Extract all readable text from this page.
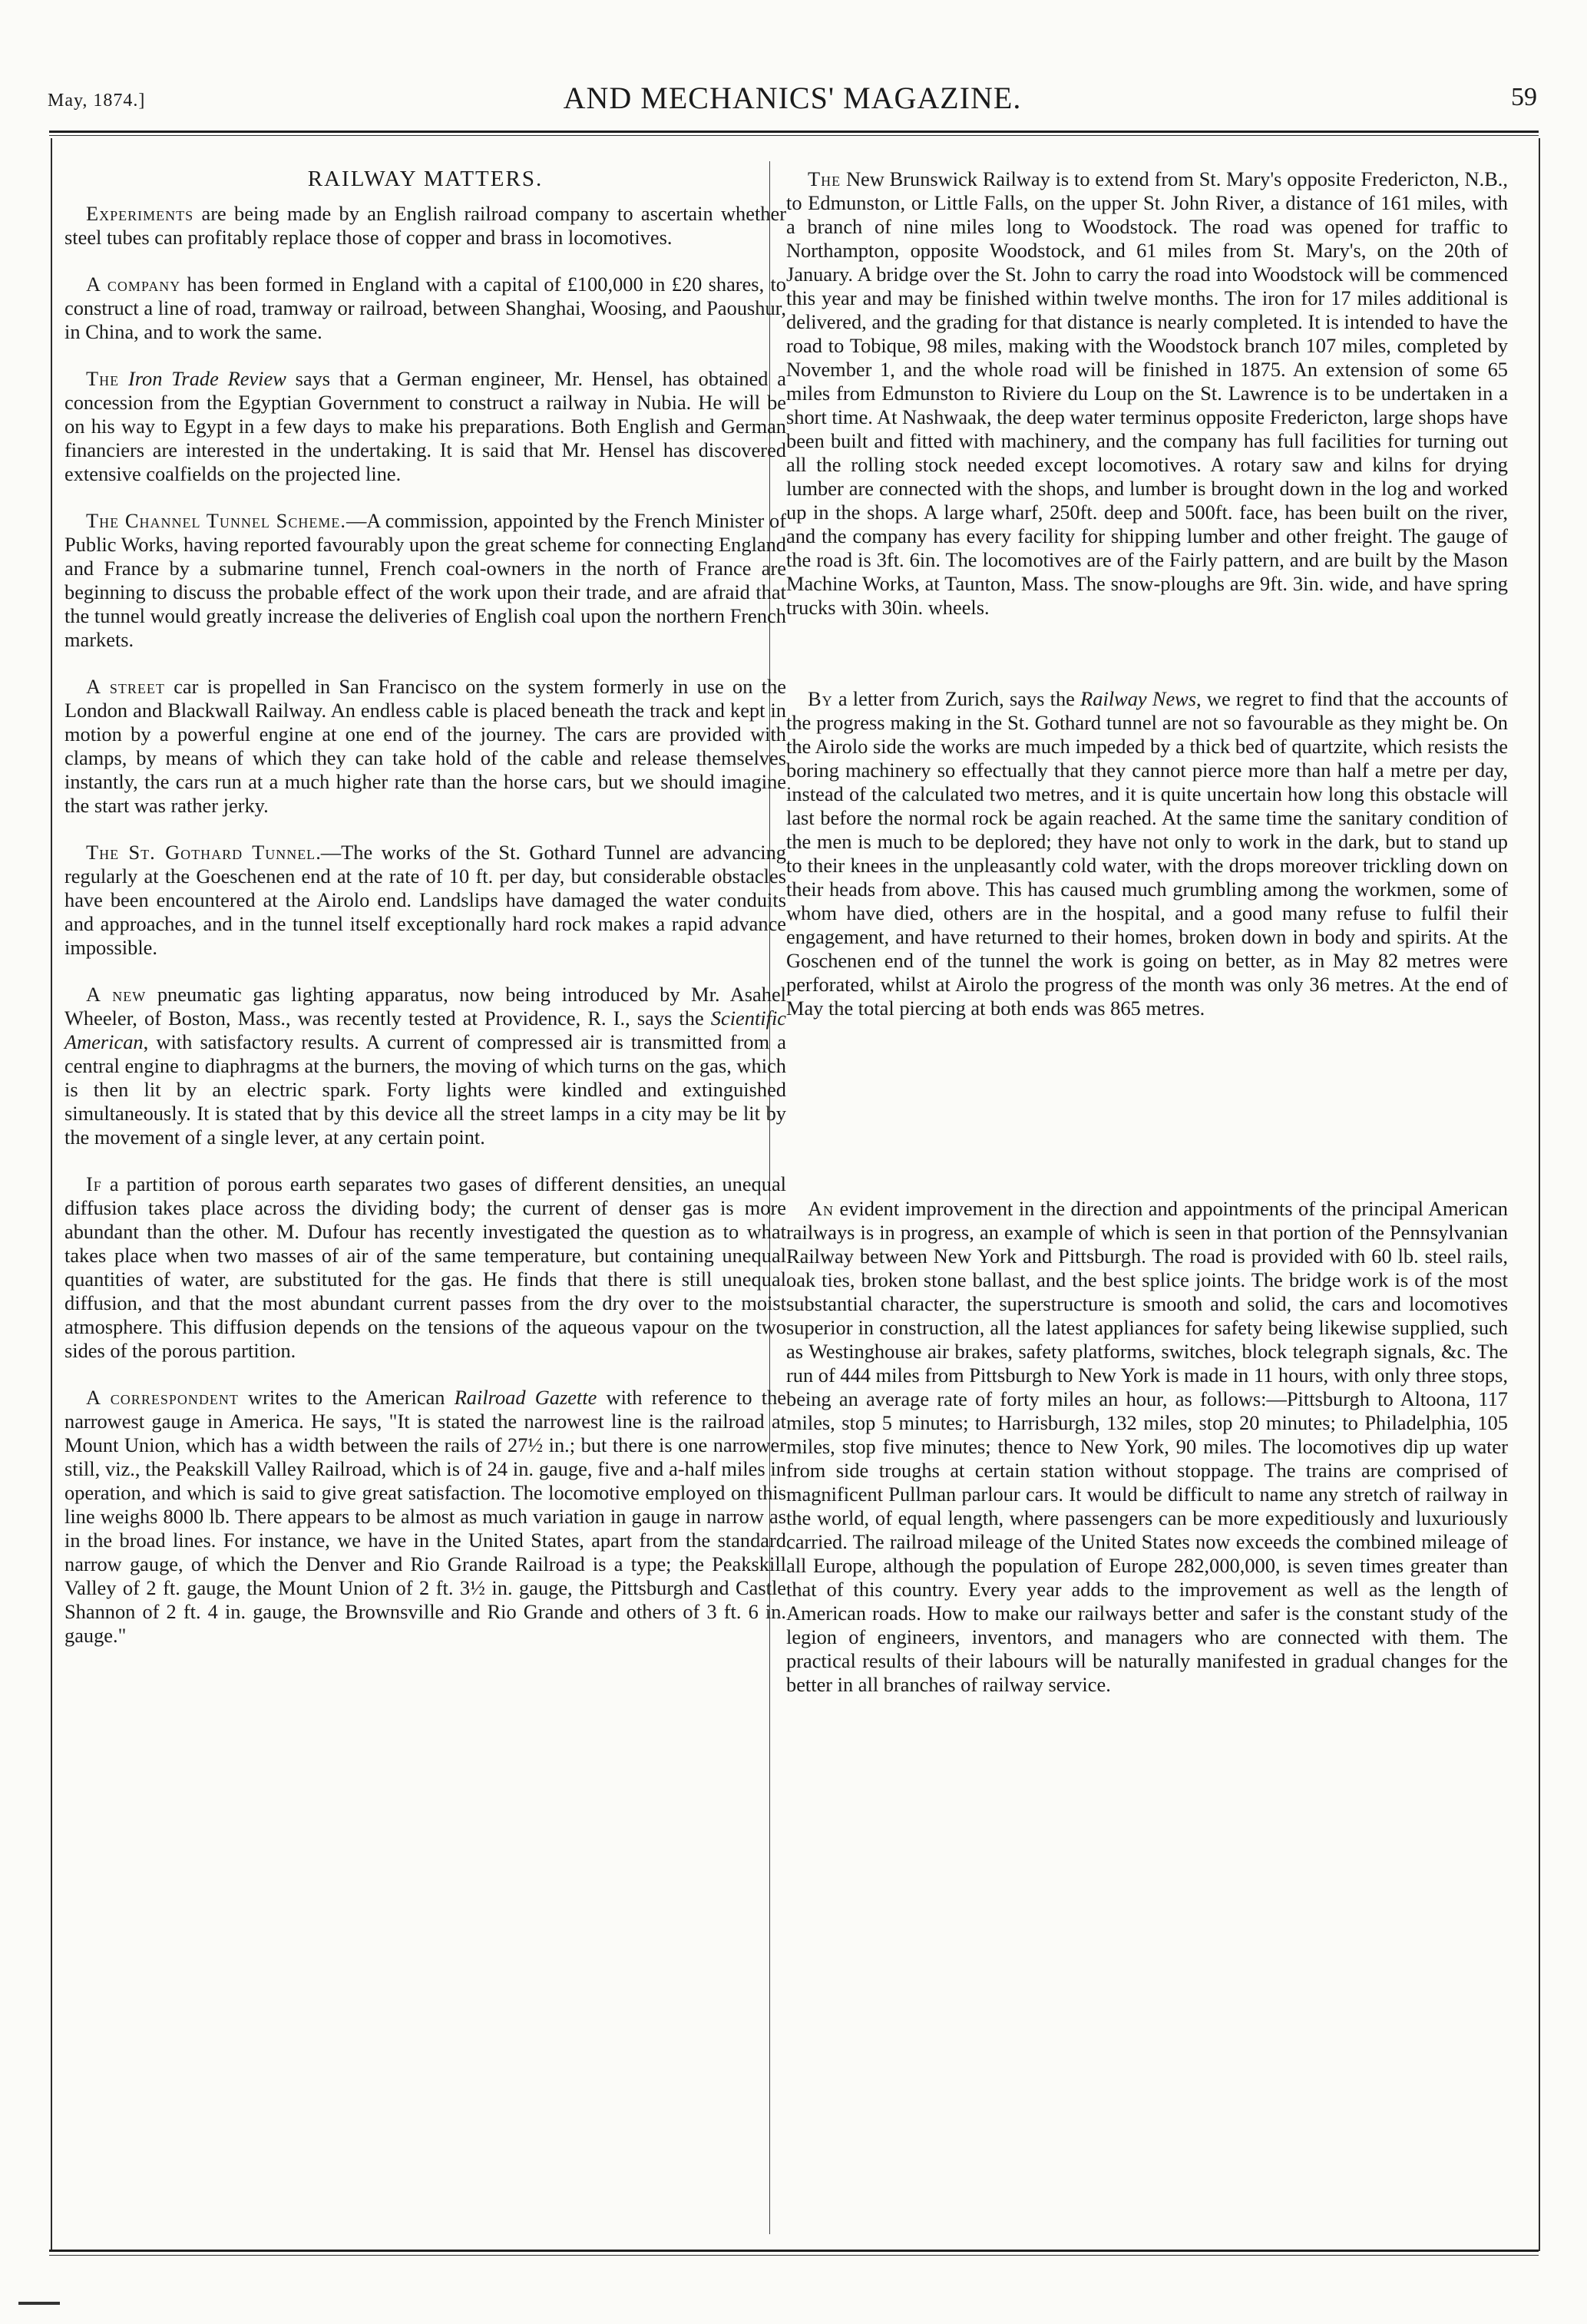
May, 1874.]	AND MECHANICS' MAGAZINE.	59
RAILWAY MATTERS.

Experiments are being made by an English railroad company to ascertain whether steel tubes can profitably replace those of copper and brass in locomotives.

A company has been formed in England with a capital of £100,000 in £20 shares, to construct a line of road, tramway or railroad, between Shanghai, Woosing, and Paoushur, in China, and to work the same.

The Iron Trade Review says that a German engineer, Mr. Hensel, has obtained a concession from the Egyptian Government to construct a railway in Nubia. He will be on his way to Egypt in a few days to make his preparations. Both English and German financiers are interested in the undertaking. It is said that Mr. Hensel has discovered extensive coalfields on the projected line.

The Channel Tunnel Scheme.—A commission, appointed by the French Minister of Public Works, having reported favourably upon the great scheme for connecting England and France by a submarine tunnel, French coal-owners in the north of France are beginning to discuss the probable effect of the work upon their trade, and are afraid that the tunnel would greatly increase the deliveries of English coal upon the northern French markets.

A street car is propelled in San Francisco on the system formerly in use on the London and Blackwall Railway. An endless cable is placed beneath the track and kept in motion by a powerful engine at one end of the journey. The cars are provided with clamps, by means of which they can take hold of the cable and release themselves instantly, the cars run at a much higher rate than the horse cars, but we should imagine the start was rather jerky.

The St. Gothard Tunnel.—The works of the St. Gothard Tunnel are advancing regularly at the Goeschenen end at the rate of 10 ft. per day, but considerable obstacles have been encountered at the Airolo end. Landslips have damaged the water conduits and approaches, and in the tunnel itself exceptionally hard rock makes a rapid advance impossible.

A new pneumatic gas lighting apparatus, now being introduced by Mr. Asahel Wheeler, of Boston, Mass., was recently tested at Providence, R. I., says the Scientific American, with satisfactory results. A current of compressed air is transmitted from a central engine to diaphragms at the burners, the moving of which turns on the gas, which is then lit by an electric spark. Forty lights were kindled and extinguished simultaneously. It is stated that by this device all the street lamps in a city may be lit by the movement of a single lever, at any certain point.

If a partition of porous earth separates two gases of different densities, an unequal diffusion takes place across the dividing body; the current of denser gas is more abundant than the other. M. Dufour has recently investigated the question as to what takes place when two masses of air of the same temperature, but containing unequal quantities of water, are substituted for the gas. He finds that there is still unequal diffusion, and that the most abundant current passes from the dry over to the moist atmosphere. This diffusion depends on the tensions of the aqueous vapour on the two sides of the porous partition.

A correspondent writes to the American Railroad Gazette with reference to the narrowest gauge in America. He says, "It is stated the narrowest line is the railroad at Mount Union, which has a width between the rails of 27½ in.; but there is one narrower still, viz., the Peakskill Valley Railroad, which is of 24 in. gauge, five and a-half miles in operation, and which is said to give great satisfaction. The locomotive employed on this line weighs 8000 lb. There appears to be almost as much variation in gauge in narrow as in the broad lines. For instance, we have in the United States, apart from the standard narrow gauge, of which the Denver and Rio Grande Railroad is a type; the Peakskill Valley of 2 ft. gauge, the Mount Union of 2 ft. 3½ in. gauge, the Pittsburgh and Castle Shannon of 2 ft. 4 in. gauge, the Brownsville and Rio Grande and others of 3 ft. 6 in. gauge."

The New Brunswick Railway is to extend from St. Mary's opposite Fredericton, N.B., to Edmunston, or Little Falls, on the upper St. John River, a distance of 161 miles, with a branch of nine miles long to Woodstock. The road was opened for traffic to Northampton, opposite Woodstock, and 61 miles from St. Mary's, on the 20th of January. A bridge over the St. John to carry the road into Woodstock will be commenced this year and may be finished within twelve months. The iron for 17 miles additional is delivered, and the grading for that distance is nearly completed. It is intended to have the road to Tobique, 98 miles, making with the Woodstock branch 107 miles, completed by November 1, and the whole road will be finished in 1875. An extension of some 65 miles from Edmunston to Riviere du Loup on the St. Lawrence is to be undertaken in a short time. At Nashwaak, the deep water terminus opposite Fredericton, large shops have been built and fitted with machinery, and the company has full facilities for turning out all the rolling stock needed except locomotives. A rotary saw and kilns for drying lumber are connected with the shops, and lumber is brought down in the log and worked up in the shops. A large wharf, 250ft. deep and 500ft. face, has been built on the river, and the company has every facility for shipping lumber and other freight. The gauge of the road is 3ft. 6in. The locomotives are of the Fairly pattern, and are built by the Mason Machine Works, at Taunton, Mass. The snow-ploughs are 9ft. 3in. wide, and have spring trucks with 30in. wheels.

By a letter from Zurich, says the Railway News, we regret to find that the accounts of the progress making in the St. Gothard tunnel are not so favourable as they might be. On the Airolo side the works are much impeded by a thick bed of quartzite, which resists the boring machinery so effectually that they cannot pierce more than half a metre per day, instead of the calculated two metres, and it is quite uncertain how long this obstacle will last before the normal rock be again reached. At the same time the sanitary condition of the men is much to be deplored; they have not only to work in the dark, but to stand up to their knees in the unpleasantly cold water, with the drops moreover trickling down on their heads from above. This has caused much grumbling among the workmen, some of whom have died, others are in the hospital, and a good many refuse to fulfil their engagement, and have returned to their homes, broken down in body and spirits. At the Goschenen end of the tunnel the work is going on better, as in May 82 metres were perforated, whilst at Airolo the progress of the month was only 36 metres. At the end of May the total piercing at both ends was 865 metres.

An evident improvement in the direction and appointments of the principal American railways is in progress, an example of which is seen in that portion of the Pennsylvanian Railway between New York and Pittsburgh. The road is provided with 60 lb. steel rails, oak ties, broken stone ballast, and the best splice joints. The bridge work is of the most substantial character, the superstructure is smooth and solid, the cars and locomotives superior in construction, all the latest appliances for safety being likewise supplied, such as Westinghouse air brakes, safety platforms, switches, block telegraph signals, &c. The run of 444 miles from Pittsburgh to New York is made in 11 hours, with only three stops, being an average rate of forty miles an hour, as follows:—Pittsburgh to Altoona, 117 miles, stop 5 minutes; to Harrisburgh, 132 miles, stop 20 minutes; to Philadelphia, 105 miles, stop five minutes; thence to New York, 90 miles. The locomotives dip up water from side troughs at certain station without stoppage. The trains are comprised of magnificent Pullman parlour cars. It would be difficult to name any stretch of railway in the world, of equal length, where passengers can be more expeditiously and luxuriously carried. The railroad mileage of the United States now exceeds the combined mileage of all Europe, although the population of Europe 282,000,000, is seven times greater than that of this country. Every year adds to the improvement as well as the length of American roads. How to make our railways better and safer is the constant study of the legion of engineers, inventors, and managers who are connected with them. The practical results of their labours will be naturally manifested in gradual changes for the better in all branches of railway service.
